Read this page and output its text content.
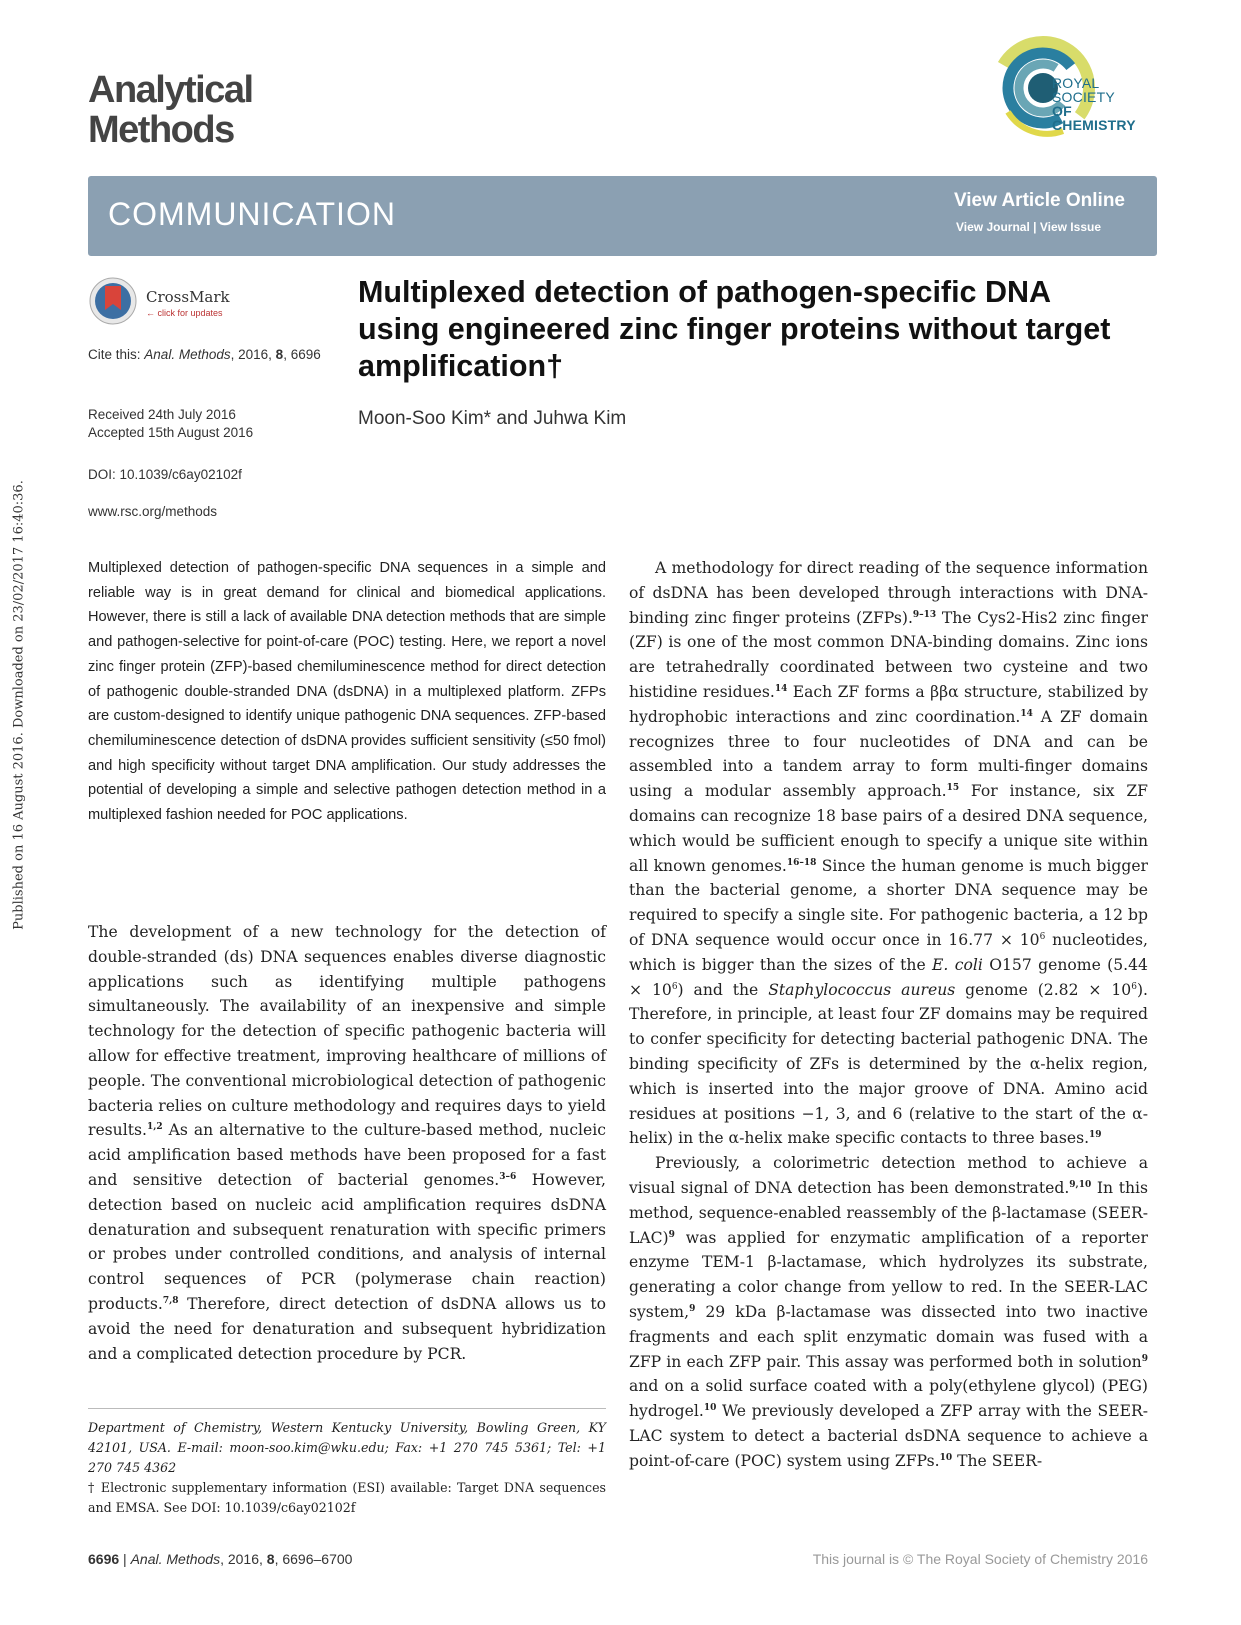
Published on 16 August 2016. Downloaded on 23/02/2017 16:40:36.
Analytical
Methods
ROYAL SOCIETY
OF CHEMISTRY
COMMUNICATION	View Article Online
View Journal | View Issue
CrossMark
← click for updates
Cite this: Anal. Methods, 2016, 8, 6696
Received 24th July 2016
Accepted 15th August 2016
DOI: 10.1039/c6ay02102f
www.rsc.org/methods
Multiplexed detection of pathogen-specific DNA using engineered zinc finger proteins without target amplification†
Moon-Soo Kim* and Juhwa Kim
Multiplexed detection of pathogen-specific DNA sequences in a simple and reliable way is in great demand for clinical and biomedical applications. However, there is still a lack of available DNA detection methods that are simple and pathogen-selective for point-of-care (POC) testing. Here, we report a novel zinc finger protein (ZFP)-based chemiluminescence method for direct detection of pathogenic double-stranded DNA (dsDNA) in a multiplexed platform. ZFPs are custom-designed to identify unique pathogenic DNA sequences. ZFP-based chemiluminescence detection of dsDNA provides sufficient sensitivity (≤50 fmol) and high specificity without target DNA amplification. Our study addresses the potential of developing a simple and selective pathogen detection method in a multiplexed fashion needed for POC applications.

The development of a new technology for the detection of double-stranded (ds) DNA sequences enables diverse diagnostic applications such as identifying multiple pathogens simultaneously. The availability of an inexpensive and simple technology for the detection of specific pathogenic bacteria will allow for effective treatment, improving healthcare of millions of people. The conventional microbiological detection of pathogenic bacteria relies on culture methodology and requires days to yield results.$^{1,2}$ As an alternative to the culture-based method, nucleic acid amplification based methods have been proposed for a fast and sensitive detection of bacterial genomes.$^{3-6}$ However, detection based on nucleic acid amplification requires dsDNA denaturation and subsequent renaturation with specific primers or probes under controlled conditions, and analysis of internal control sequences of PCR (polymerase chain reaction) products.$^{7,8}$ Therefore, direct detection of dsDNA allows us to avoid the need for denaturation and subsequent hybridization and a complicated detection procedure by PCR.

A methodology for direct reading of the sequence information of dsDNA has been developed through interactions with DNA-binding zinc finger proteins (ZFPs).$^{9-13}$ The Cys2-His2 zinc finger (ZF) is one of the most common DNA-binding domains. Zinc ions are tetrahedrally coordinated between two cysteine and two histidine residues.$^{14}$ Each ZF forms a ββα structure, stabilized by hydrophobic interactions and zinc coordination.$^{14}$ A ZF domain recognizes three to four nucleotides of DNA and can be assembled into a tandem array to form multi-finger domains using a modular assembly approach.$^{15}$ For instance, six ZF domains can recognize 18 base pairs of a desired DNA sequence, which would be sufficient enough to specify a unique site within all known genomes.$^{16-18}$ Since the human genome is much bigger than the bacterial genome, a shorter DNA sequence may be required to specify a single site. For pathogenic bacteria, a 12 bp of DNA sequence would occur once in $16.77 \times 10^6$ nucleotides, which is bigger than the sizes of the E. coli O157 genome $(5.44 \times 10^6)$ and the Staphylococcus aureus genome $(2.82 \times 10^6)$. Therefore, in principle, at least four ZF domains may be required to confer specificity for detecting bacterial pathogenic DNA. The binding specificity of ZFs is determined by the α-helix region, which is inserted into the major groove of DNA. Amino acid residues at positions −1, 3, and 6 (relative to the start of the α-helix) in the α-helix make specific contacts to three bases.$^{19}$

Previously, a colorimetric detection method to achieve a visual signal of DNA detection has been demonstrated.$^{9,10}$ In this method, sequence-enabled reassembly of the β-lactamase (SEER-LAC)$^9$ was applied for enzymatic amplification of a reporter enzyme TEM-1 β-lactamase, which hydrolyzes its substrate, generating a color change from yellow to red. In the SEER-LAC system,$^9$ 29 kDa β-lactamase was dissected into two inactive fragments and each split enzymatic domain was fused with a ZFP in each ZFP pair. This assay was performed both in solution$^9$ and on a solid surface coated with a poly(ethylene glycol) (PEG) hydrogel.$^{10}$ We previously developed a ZFP array with the SEER-LAC system to detect a bacterial dsDNA sequence to achieve a point-of-care (POC) system using ZFPs.$^{10}$ The SEER-

Department of Chemistry, Western Kentucky University, Bowling Green, KY 42101, USA. E-mail: moon-soo.kim@wku.edu; Fax: +1 270 745 5361; Tel: +1 270 745 4362
† Electronic supplementary information (ESI) available: Target DNA sequences and EMSA. See DOI: 10.1039/c6ay02102f
6696 | Anal. Methods, 2016, 8, 6696–6700	This journal is © The Royal Society of Chemistry 2016
